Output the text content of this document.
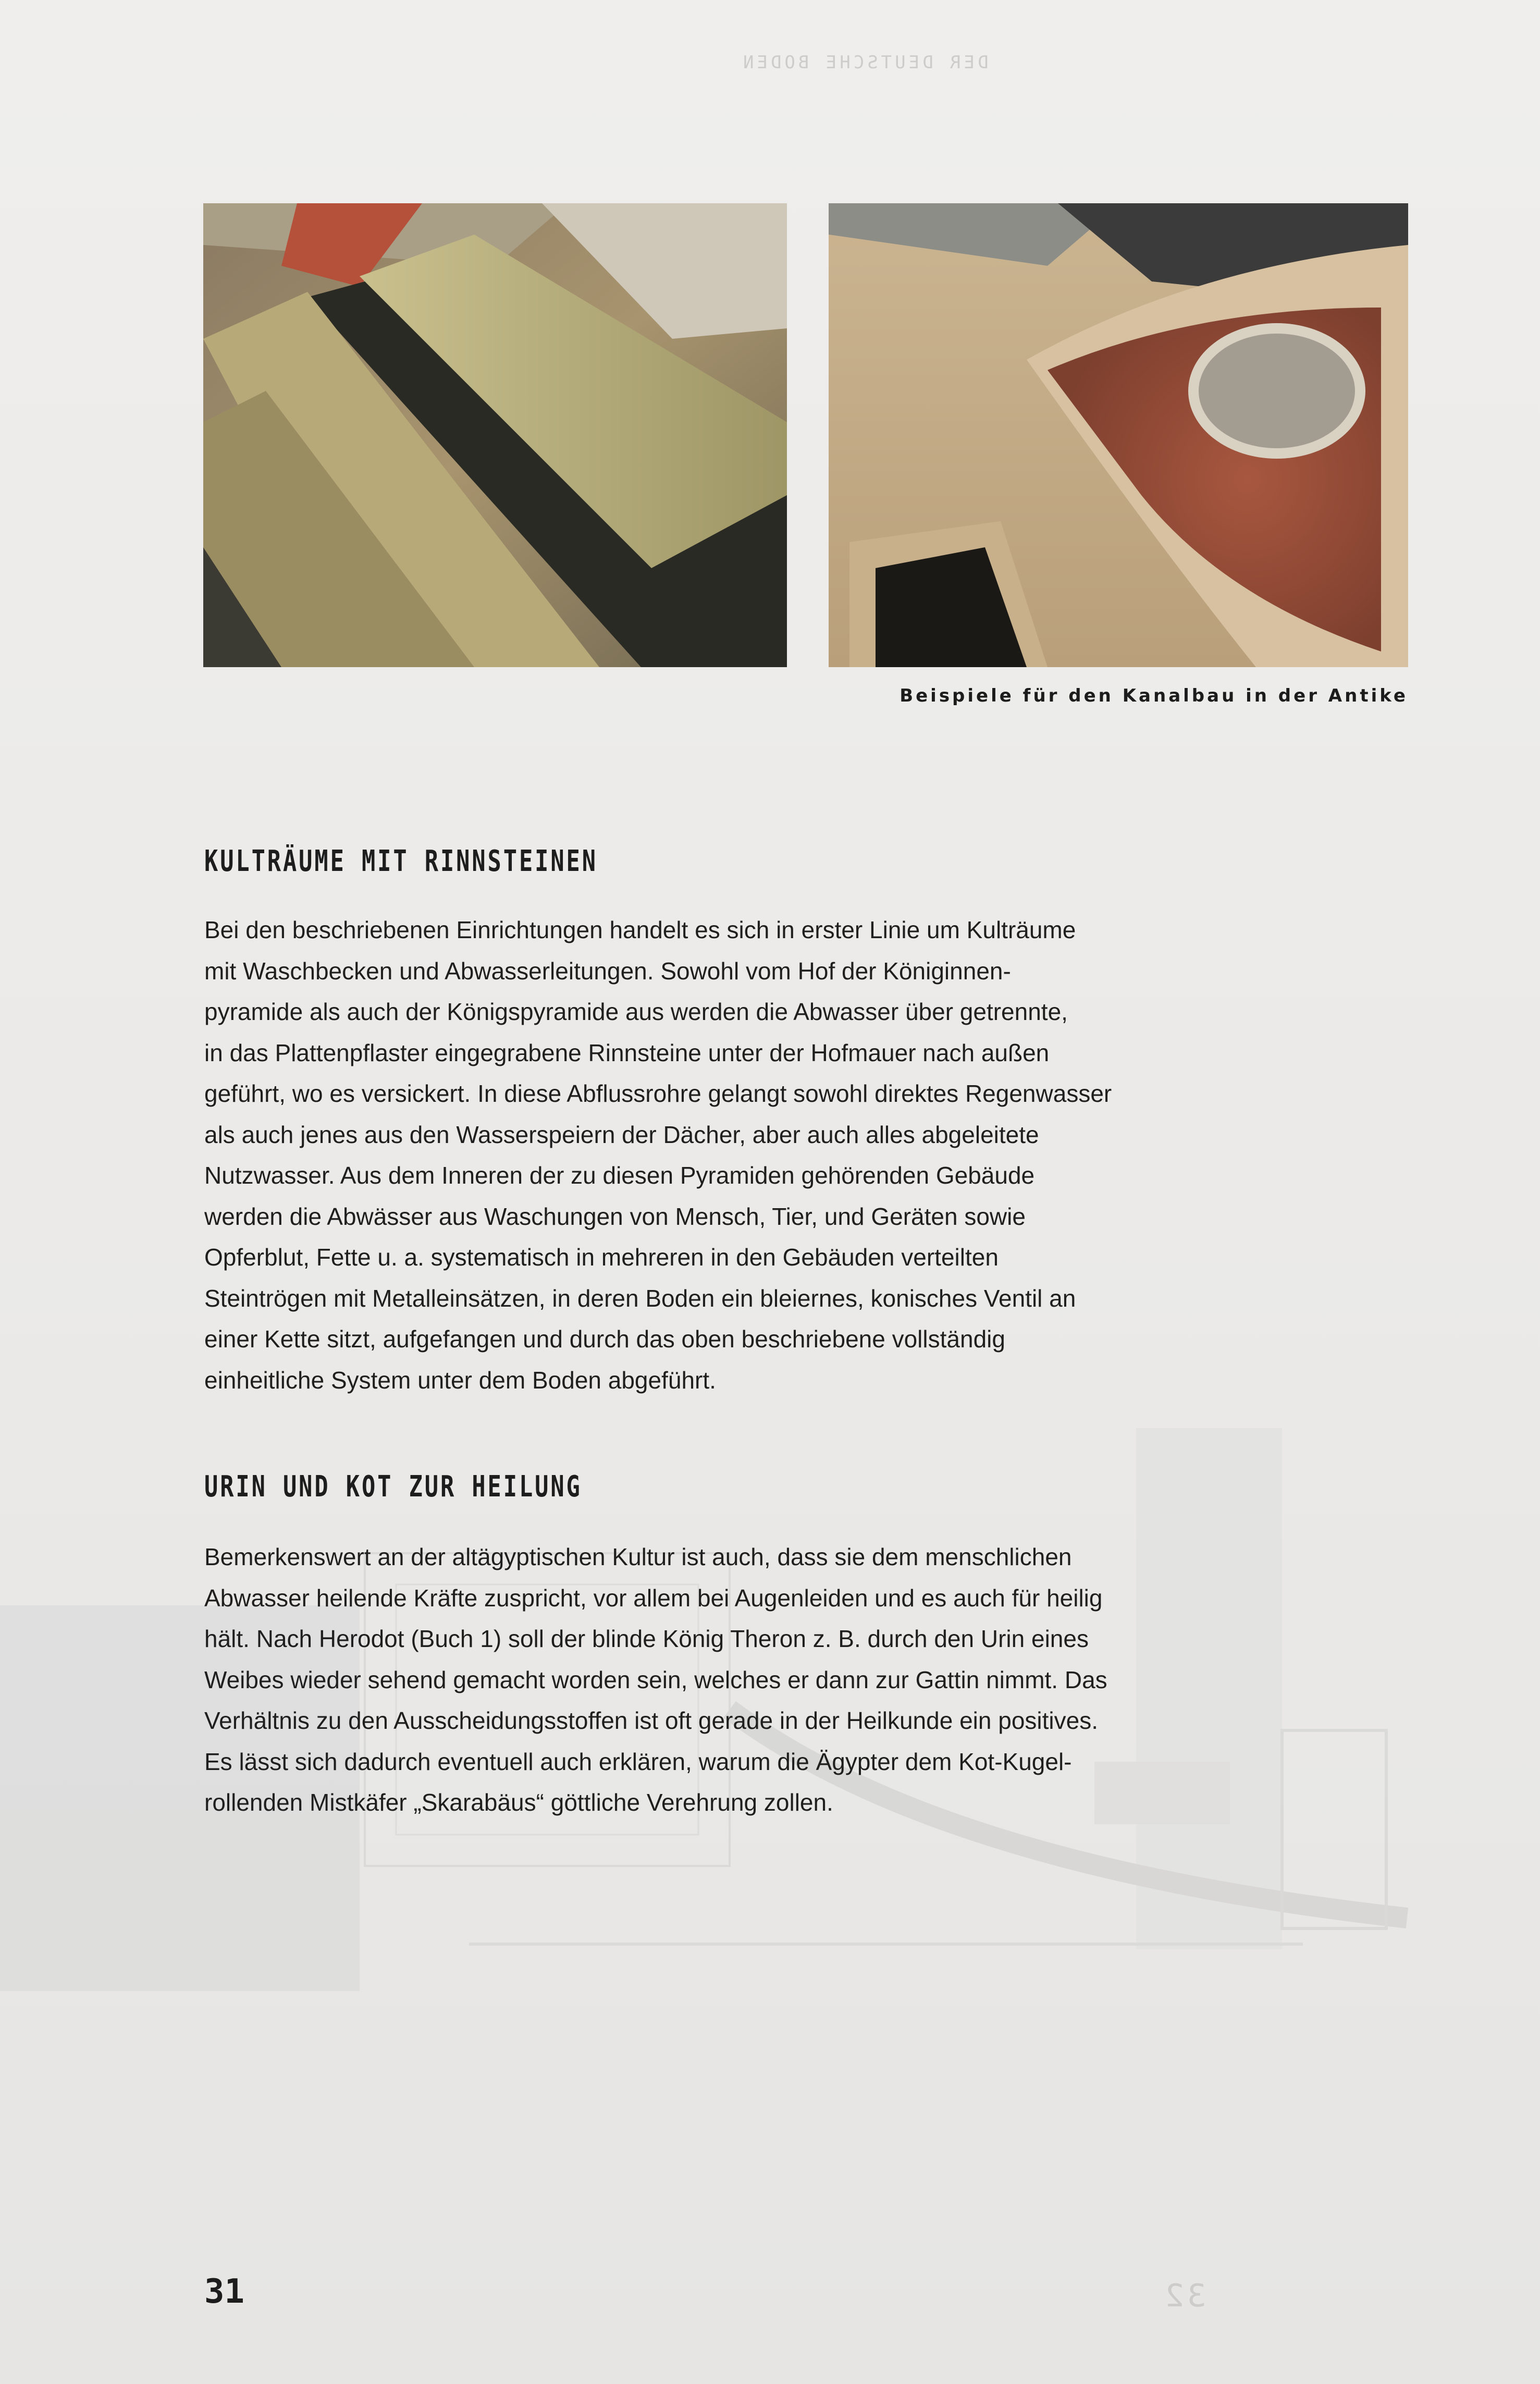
DER DEUTSCHE BODEN
32
Beispiele für den Kanalbau in der Antike
KULTRÄUME MIT RINNSTEINEN
Bei den beschriebenen Einrichtungen handelt es sich in erster Linie um Kulträume
mit Waschbecken und Abwasserleitungen. Sowohl vom Hof der Königinnen-
pyramide als auch der Königspyramide aus werden die Abwasser über getrennte,
in das Plattenpflaster eingegrabene Rinnsteine unter der Hofmauer nach außen
geführt, wo es versickert. In diese Abflussrohre gelangt sowohl direktes Regenwasser
als auch jenes aus den Wasserspeiern der Dächer, aber auch alles abgeleitete
Nutzwasser. Aus dem Inneren der zu diesen Pyramiden gehörenden Gebäude
werden die Abwässer aus Waschungen von Mensch, Tier, und Geräten sowie
Opferblut, Fette u. a. systematisch in mehreren in den Gebäuden verteilten
Steintrögen mit Metalleinsätzen, in deren Boden ein bleiernes, konisches Ventil an
einer Kette sitzt, aufgefangen und durch das oben beschriebene vollständig
einheitliche System unter dem Boden abgeführt.
URIN UND KOT ZUR HEILUNG
Bemerkenswert an der altägyptischen Kultur ist auch, dass sie dem menschlichen
Abwasser heilende Kräfte zuspricht, vor allem bei Augenleiden und es auch für heilig
hält. Nach Herodot (Buch 1) soll der blinde König Theron z. B. durch den Urin eines
Weibes wieder sehend gemacht worden sein, welches er dann zur Gattin nimmt. Das
Verhältnis zu den Ausscheidungsstoffen ist oft gerade in der Heilkunde ein positives.
Es lässt sich dadurch eventuell auch erklären, warum die Ägypter dem Kot-Kugel-
rollenden Mistkäfer „Skarabäus“ göttliche Verehrung zollen.
31
